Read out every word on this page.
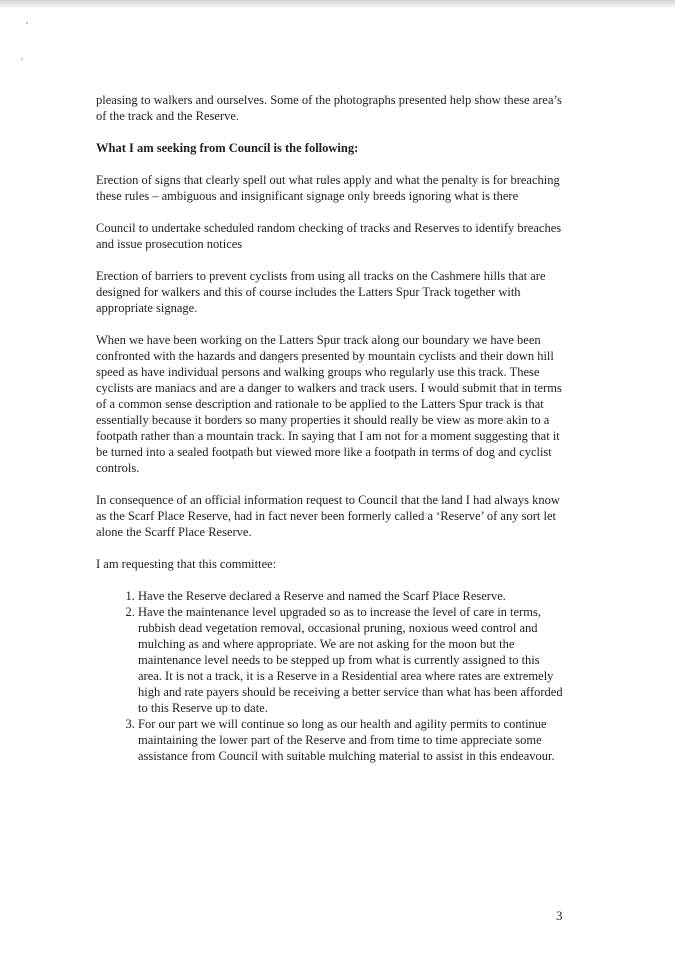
pleasing to walkers and ourselves. Some of the photographs presented help show these area’s of the track and the Reserve.

What I am seeking from Council is the following:

Erection of signs that clearly spell out what rules apply and what the penalty is for breaching these rules – ambiguous and insignificant signage only breeds ignoring what is there

Council to undertake scheduled random checking of tracks and Reserves to identify breaches and issue prosecution notices

Erection of barriers to prevent cyclists from using all tracks on the Cashmere hills that are designed for walkers and this of course includes the Latters Spur Track together with appropriate signage.

When we have been working on the Latters Spur track along our boundary we have been confronted with the hazards and dangers presented by mountain cyclists and their down hill speed as have individual persons and walking groups who regularly use this track. These cyclists are maniacs and are a danger to walkers and track users. I would submit that in terms of a common sense description and rationale to be applied to the Latters Spur track is that essentially because it borders so many properties it should really be view as more akin to a footpath rather than a mountain track. In saying that I am not for a moment suggesting that it be turned into a sealed footpath but viewed more like a footpath in terms of dog and cyclist controls.

In consequence of an official information request to Council that the land I had always know as the Scarf Place Reserve, had in fact never been formerly called a ‘Reserve’ of any sort let alone the Scarff Place Reserve.

I am requesting that this committee:

1. Have the Reserve declared a Reserve and named the Scarf Place Reserve.
2. Have the maintenance level upgraded so as to increase the level of care in terms, rubbish dead vegetation removal, occasional pruning, noxious weed control and mulching as and where appropriate. We are not asking for the moon but the maintenance level needs to be stepped up from what is currently assigned to this area. It is not a track, it is a Reserve in a Residential area where rates are extremely high and rate payers should be receiving a better service than what has been afforded to this Reserve up to date.
3. For our part we will continue so long as our health and agility permits to continue maintaining the lower part of the Reserve and from time to time appreciate some assistance from Council with suitable mulching material to assist in this endeavour.
3
